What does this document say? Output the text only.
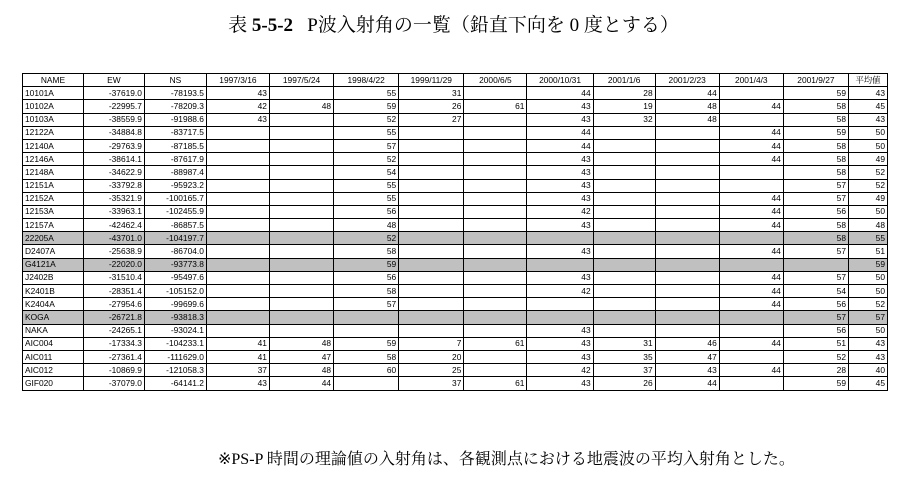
表 5-5-2 P波入射角の一覧（鉛直下向を 0 度とする）
NAME	EW	NS	1997/3/16	1997/5/24	1998/4/22	1999/11/29	2000/6/5	2000/10/31	2001/1/6	2001/2/23	2001/4/3	2001/9/27	平均値
10101A	-37619.0	-78193.5	43		55	31		44	28	44		59	43
10102A	-22995.7	-78209.3	42	48	59	26	61	43	19	48	44	58	45
10103A	-38559.9	-91988.6	43		52	27		43	32	48		58	43
12122A	-34884.8	-83717.5			55			44			44	59	50
12140A	-29763.9	-87185.5			57			44			44	58	50
12146A	-38614.1	-87617.9			52			43			44	58	49
12148A	-34622.9	-88987.4			54			43				58	52
12151A	-33792.8	-95923.2			55			43				57	52
12152A	-35321.9	-100165.7			55			43			44	57	49
12153A	-33963.1	-102455.9			56			42			44	56	50
12157A	-42462.4	-86857.5			48			43			44	58	48
22205A	-43701.0	-104197.7			52							58	55
D2407A	-25638.9	-86704.0			58			43			44	57	51
G4121A	-22020.0	-93773.8			59								59
J2402B	-31510.4	-95497.6			56			43			44	57	50
K2401B	-28351.4	-105152.0			58			42			44	54	50
K2404A	-27954.6	-99699.6			57						44	56	52
KOGA	-26721.8	-93818.3										57	57
NAKA	-24265.1	-93024.1						43				56	50
AIC004	-17334.3	-104233.1	41	48	59	7	61	43	31	46	44	51	43
AIC011	-27361.4	-111629.0	41	47	58	20		43	35	47		52	43
AIC012	-10869.9	-121058.3	37	48	60	25		42	37	43	44	28	40
GIF020	-37079.0	-64141.2	43	44		37	61	43	26	44		59	45
※PS-P 時間の理論値の入射角は、各観測点における地震波の平均入射角とした。
